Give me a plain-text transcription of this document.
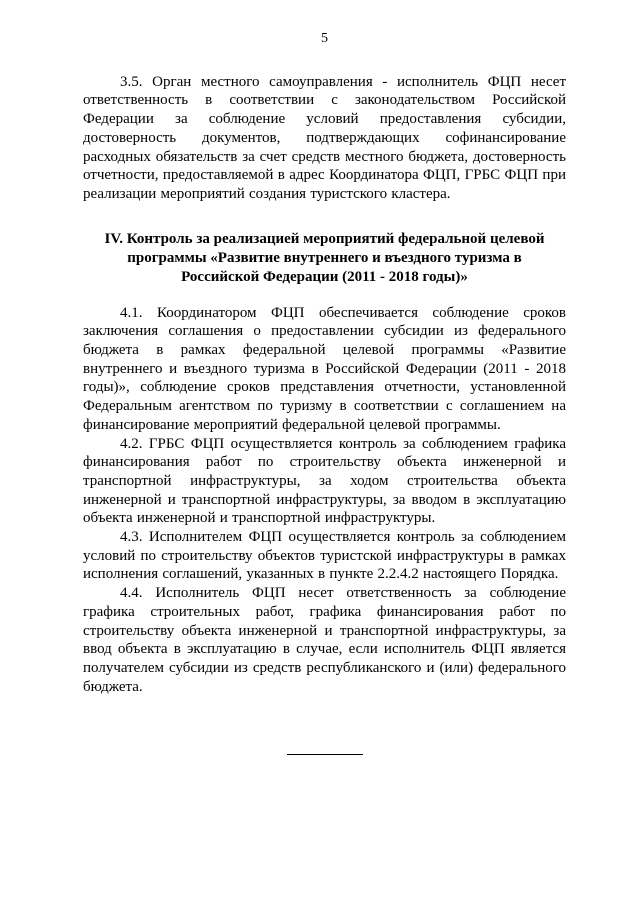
5

3.5. Орган местного самоуправления - исполнитель ФЦП несет ответственность в соответствии с законодательством Российской Федерации за соблюдение условий предоставления субсидии, достоверность документов, подтверждающих софинансирование расходных обязательств за счет средств местного бюджета, достоверность отчетности, предоставляемой в адрес Координатора ФЦП, ГРБС ФЦП при реализации мероприятий создания туристского кластера.

IV. Контроль за реализацией мероприятий федеральной целевой программы «Развитие внутреннего и въездного туризма в Российской Федерации (2011 - 2018 годы)»

4.1. Координатором ФЦП обеспечивается соблюдение сроков заключения соглашения о предоставлении субсидии из федерального бюджета в рамках федеральной целевой программы «Развитие внутреннего и въездного туризма в Российской Федерации (2011 - 2018 годы)», соблюдение сроков представления отчетности, установленной Федеральным агентством по туризму в соответствии с соглашением на финансирование мероприятий федеральной целевой программы.

4.2. ГРБС ФЦП осуществляется контроль за соблюдением графика финансирования работ по строительству объекта инженерной и транспортной инфраструктуры, за ходом строительства объекта инженерной и транспортной инфраструктуры, за вводом в эксплуатацию объекта инженерной и транспортной инфраструктуры.

4.3. Исполнителем ФЦП осуществляется контроль за соблюдением условий по строительству объектов туристской инфраструктуры в рамках исполнения соглашений, указанных в пункте 2.2.4.2 настоящего Порядка.

4.4. Исполнитель ФЦП несет ответственность за соблюдение графика строительных работ, графика финансирования работ по строительству объекта инженерной и транспортной инфраструктуры, за ввод объекта в эксплуатацию в случае, если исполнитель ФЦП является получателем субсидии из средств республиканского и (или) федерального бюджета.
